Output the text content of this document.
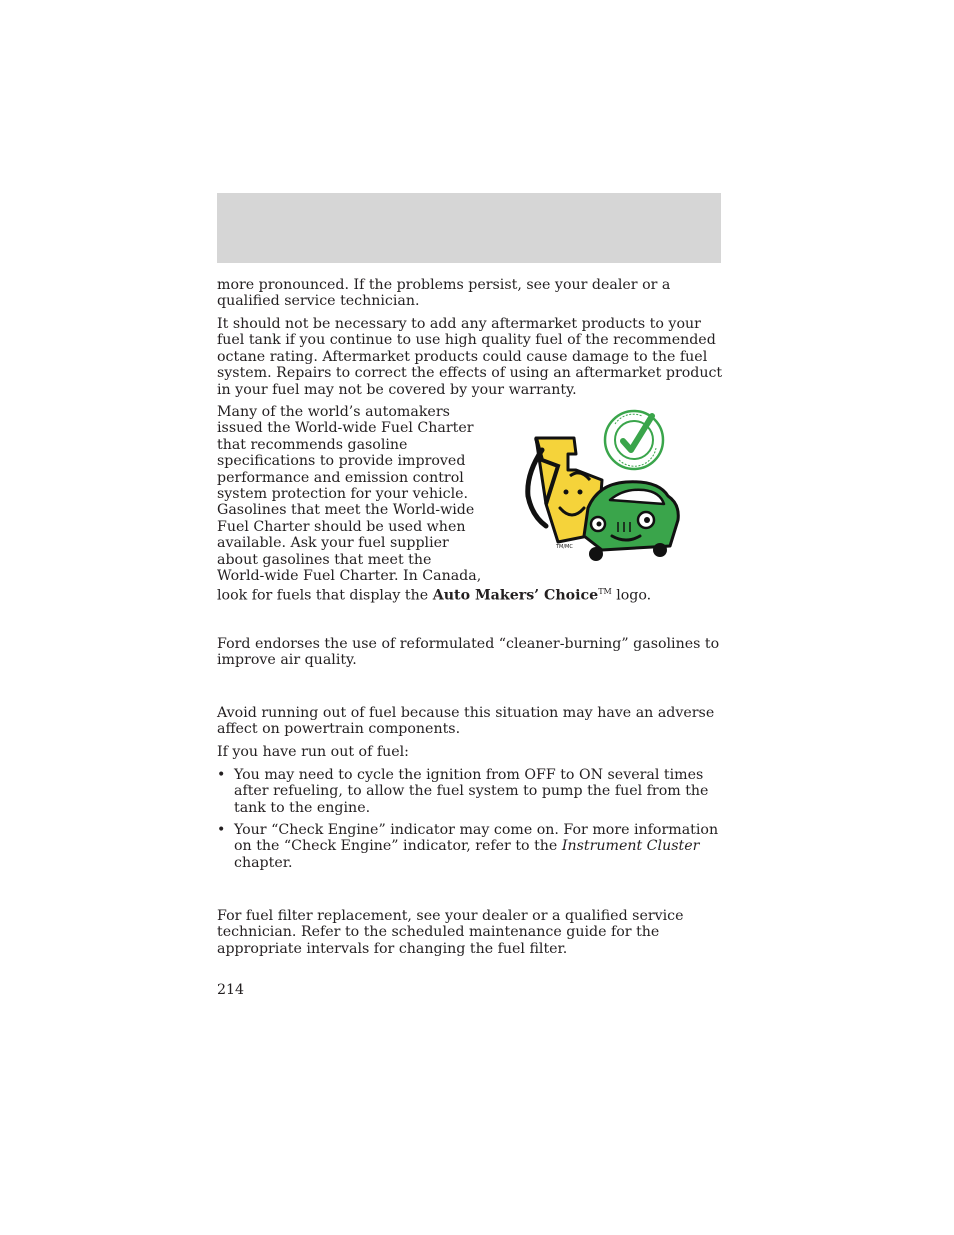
more pronounced. If the problems persist, see your dealer or a qualified service technician.

It should not be necessary to add any aftermarket products to your fuel tank if you continue to use high quality fuel of the recommended octane rating. Aftermarket products could cause damage to the fuel system. Repairs to correct the effects of using an aftermarket product in your fuel may not be covered by your warranty.

Many of the world’s automakers
issued the World-wide Fuel Charter
that recommends gasoline
specifications to provide improved
performance and emission control
system protection for your vehicle.
Gasolines that meet the World-wide
Fuel Charter should be used when
available. Ask your fuel supplier
about gasolines that meet the
World-wide Fuel Charter. In Canada,
look for fuels that display the Auto Makers’ Choice™ logo.
TM/MC

Ford endorses the use of reformulated “cleaner-burning” gasolines to improve air quality.

Avoid running out of fuel because this situation may have an adverse affect on powertrain components.

If you have run out of fuel:

• You may need to cycle the ignition from OFF to ON several times after refueling, to allow the fuel system to pump the fuel from the tank to the engine.
• Your “Check Engine” indicator may come on. For more information on the “Check Engine” indicator, refer to the Instrument Cluster chapter.

For fuel filter replacement, see your dealer or a qualified service technician. Refer to the scheduled maintenance guide for the appropriate intervals for changing the fuel filter.

214
